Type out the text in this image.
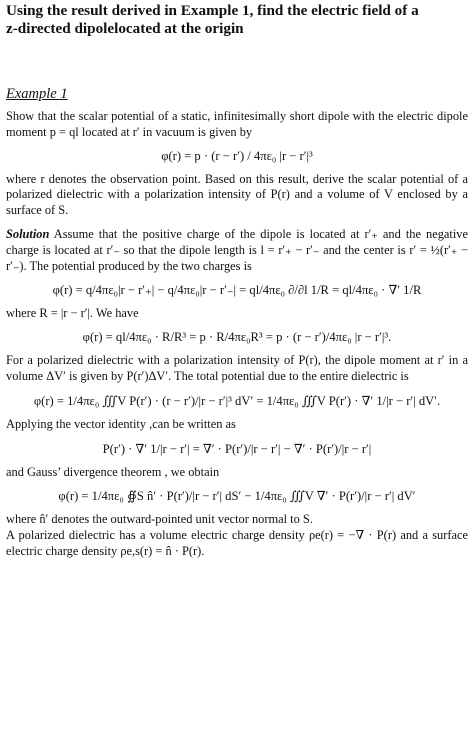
Using the result derived in Example 1, find the electric field of a

z-directed dipolelocated at the origin

Example 1

Show that the scalar potential of a static, infinitesimally short dipole with the electric dipole moment p = ql located at r′ in vacuum is given by

φ(r) = p · (r − r′) / 4πε₀ |r − r′|³

where r denotes the observation point. Based on this result, derive the scalar potential of a polarized dielectric with a polarization intensity of P(r) and a volume of V enclosed by a surface of S.

Solution Assume that the positive charge of the dipole is located at r′₊ and the negative charge is located at r′₋ so that the dipole length is l = r′₊ − r′₋ and the center is r′ = ½(r′₊ − r′₋). The potential produced by the two charges is

φ(r) = q/4πε₀|r − r′₊| − q/4πε₀|r − r′₋| = ql/4πε₀ ∂/∂l 1/R = ql/4πε₀ · ∇′ 1/R

where R = |r − r′|. We have

φ(r) = ql/4πε₀ · R/R³ = p · R/4πε₀R³ = p · (r − r′)/4πε₀ |r − r′|³.

For a polarized dielectric with a polarization intensity of P(r), the dipole moment at r′ in a volume ΔV′ is given by P(r′)ΔV′. The total potential due to the entire dielectric is

φ(r) = 1/4πε₀ ∭V P(r′) · (r − r′)/|r − r′|³ dV′ = 1/4πε₀ ∭V P(r′) · ∇′ 1/|r − r′| dV′.

Applying the vector identity ,can be written as

P(r′) · ∇′ 1/|r − r′| = ∇′ · P(r′)/|r − r′| − ∇′ · P(r′)/|r − r′|

and Gauss’ divergence theorem , we obtain

φ(r) = 1/4πε₀ ∯S n̂′ · P(r′)/|r − r′| dS′ − 1/4πε₀ ∭V ∇′ · P(r′)/|r − r′| dV′

where n̂′ denotes the outward-pointed unit vector normal to S.

A polarized dielectric has a volume electric charge density ρe(r) = −∇ · P(r) and a surface electric charge density ρe,s(r) = n̂ · P(r).
